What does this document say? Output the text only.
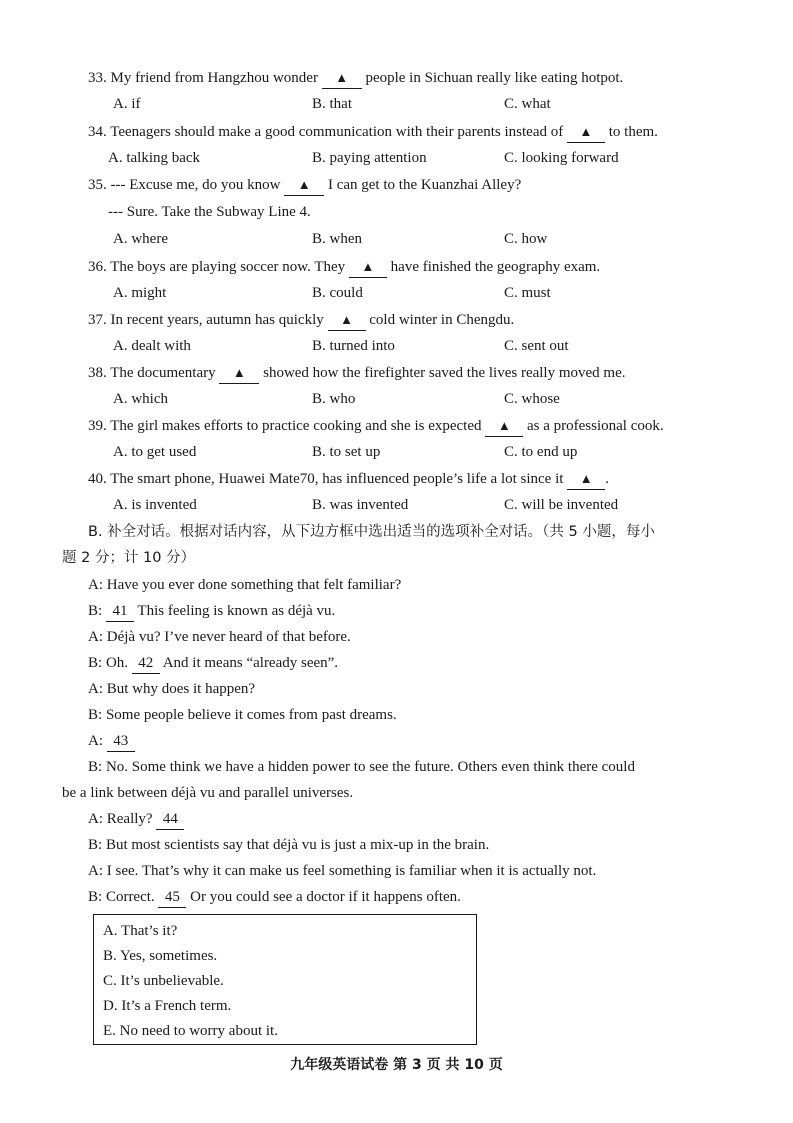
33. My friend from Hangzhou wonder ▲ people in Sichuan really like eating hotpot.
A. if	B. that	C. what
34. Teenagers should make a good communication with their parents instead of ▲ to them.
A. talking back	B. paying attention	C. looking forward
35. --- Excuse me, do you know ▲ I can get to the Kuanzhai Alley?
--- Sure. Take the Subway Line 4.
A. where	B. when	C. how
36. The boys are playing soccer now. They ▲ have finished the geography exam.
A. might	B. could	C. must
37. In recent years, autumn has quickly ▲ cold winter in Chengdu.
A. dealt with	B. turned into	C. sent out
38. The documentary ▲ showed how the firefighter saved the lives really moved me.
A. which	B. who	C. whose
39. The girl makes efforts to practice cooking and she is expected ▲ as a professional cook.
A. to get used	B. to set up	C. to end up
40. The smart phone, Huawei Mate70, has influenced people’s life a lot since it ▲ .
A. is invented	B. was invented	C. will be invented
B. 补全对话。根据对话内容，从下边方框中选出适当的选项补全对话。（共 5 小题，每小
题 2 分；计 10 分）
A: Have you ever done something that felt familiar?
B: 41 This feeling is known as déjà vu.
A: Déjà vu? I’ve never heard of that before.
B: Oh. 42 And it means “already seen”.
A: But why does it happen?
B: Some people believe it comes from past dreams.
A: 43
B: No. Some think we have a hidden power to see the future. Others even think there could
be a link between déjà vu and parallel universes.
A: Really? 44
B: But most scientists say that déjà vu is just a mix-up in the brain.
A: I see. That’s why it can make us feel something is familiar when it is actually not.
B: Correct. 45 Or you could see a doctor if it happens often.
A. That’s it?
B. Yes, sometimes.
C. It’s unbelievable.
D. It’s a French term.
E. No need to worry about it.
九年级英语试卷 第 3 页 共 10 页
